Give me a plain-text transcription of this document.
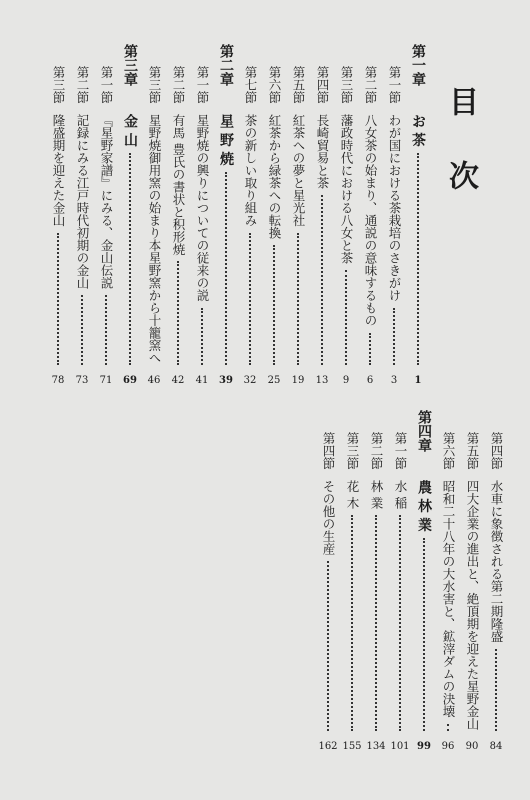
目次
第一章
お 茶
1
第一節
わが国における茶栽培のさきがけ
3
第二節
八女茶の始まり、通説の意味するもの
6
第三節
藩政時代における八女と茶
9
第四節
長崎貿易と茶
13
第五節
紅茶への夢と星光社
19
第六節
紅茶から緑茶への転換
25
第七節
茶の新しい取り組み
32
第二章
星 野 焼
39
第一節
星野焼の興りについての従来の説
41
第二節
有馬 豊氏の書状と积形焼
42
第三節
星野焼御用窯の始まり本星野窯から十籠窯へ
46
第三章
金 山
69
第一節
『星野家譜』にみる、金山伝説
71
第二節
記録にみる江戸時代初期の金山
73
第三節
隆盛期を迎えた金山
78
第四節
水車に象徴される第二期隆盛
84
第五節
四大企業の進出と、絶頂期を迎えた星野金山
90
第六節
昭和二十八年の大水害と、鉱滓ダムの決壊
96
第四章
農 林 業
99
第一節
水 稲
101
第二節
林 業
134
第三節
花 木
155
第四節
その他の生産
162
